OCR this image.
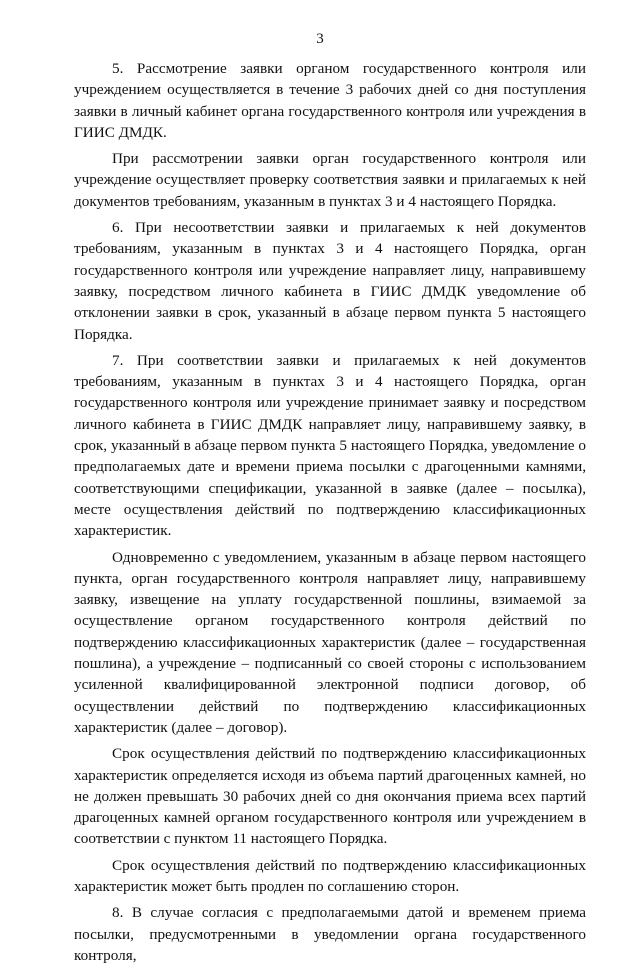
3

5. Рассмотрение заявки органом государственного контроля или учреждением осуществляется в течение 3 рабочих дней со дня поступления заявки в личный кабинет органа государственного контроля или учреждения в ГИИС ДМДК.

При рассмотрении заявки орган государственного контроля или учреждение осуществляет проверку соответствия заявки и прилагаемых к ней документов требованиям, указанным в пунктах 3 и 4 настоящего Порядка.

6. При несоответствии заявки и прилагаемых к ней документов требованиям, указанным в пунктах 3 и 4 настоящего Порядка, орган государственного контроля или учреждение направляет лицу, направившему заявку, посредством личного кабинета в ГИИС ДМДК уведомление об отклонении заявки в срок, указанный в абзаце первом пункта 5 настоящего Порядка.

7. При соответствии заявки и прилагаемых к ней документов требованиям, указанным в пунктах 3 и 4 настоящего Порядка, орган государственного контроля или учреждение принимает заявку и посредством личного кабинета в ГИИС ДМДК направляет лицу, направившему заявку, в срок, указанный в абзаце первом пункта 5 настоящего Порядка, уведомление о предполагаемых дате и времени приема посылки с драгоценными камнями, соответствующими спецификации, указанной в заявке (далее – посылка), месте осуществления действий по подтверждению классификационных характеристик.

Одновременно с уведомлением, указанным в абзаце первом настоящего пункта, орган государственного контроля направляет лицу, направившему заявку, извещение на уплату государственной пошлины, взимаемой за осуществление органом государственного контроля действий по подтверждению классификационных характеристик (далее – государственная пошлина), а учреждение – подписанный со своей стороны с использованием усиленной квалифицированной электронной подписи договор, об осуществлении действий по подтверждению классификационных характеристик (далее – договор).

Срок осуществления действий по подтверждению классификационных характеристик определяется исходя из объема партий драгоценных камней, но не должен превышать 30 рабочих дней со дня окончания приема всех партий драгоценных камней органом государственного контроля или учреждением в соответствии с пунктом 11 настоящего Порядка.

Срок осуществления действий по подтверждению классификационных характеристик может быть продлен по соглашению сторон.

8. В случае согласия с предполагаемыми датой и временем приема посылки, предусмотренными в уведомлении органа государственного контроля,
